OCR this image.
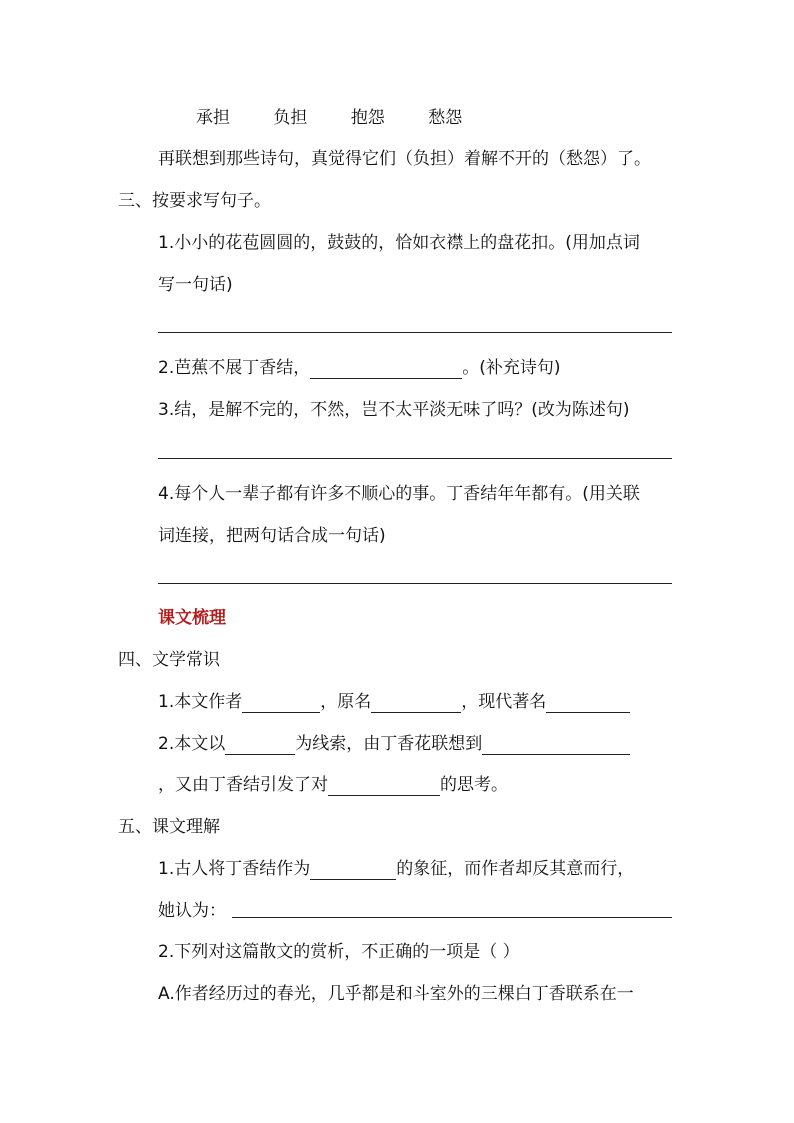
承担	负担	抱怨	愁怨
再联想到那些诗句，真觉得它们（负担）着解不开的（愁怨）了。
三、按要求写句子。
1.小小的花苞圆圆的，鼓鼓的，恰如衣襟上的盘花扣。(用加点词
写一句话)
2.芭蕉不展丁香结，	。(补充诗句)
3.结，是解不完的，不然，岂不太平淡无味了吗？(改为陈述句)
4.每个人一辈子都有许多不顺心的事。丁香结年年都有。(用关联
词连接，把两句话合成一句话)
课文梳理
四、文学常识
1.本文作者	，原名	，现代著名
2.本文以	为线索，由丁香花联想到
，又由丁香结引发了对	的思考。
五、课文理解
1.古人将丁香结作为	的象征，而作者却反其意而行，
她认为：
2.下列对这篇散文的赏析，不正确的一项是（ ）
A.作者经历过的春光，几乎都是和斗室外的三棵白丁香联系在一
